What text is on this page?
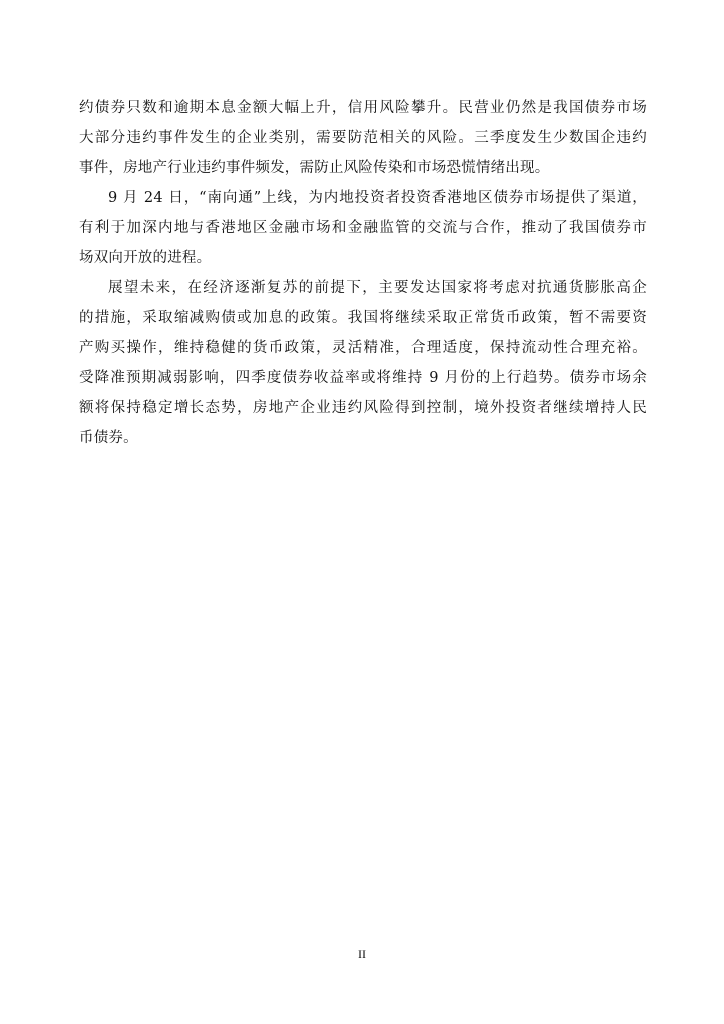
约债券只数和逾期本息金额大幅上升，信用风险攀升。民营业仍然是我国债券市场
大部分违约事件发生的企业类别，需要防范相关的风险。三季度发生少数国企违约
事件，房地产行业违约事件频发，需防止风险传染和市场恐慌情绪出现。
9 月 24 日，“南向通”上线，为内地投资者投资香港地区债券市场提供了渠道，
有利于加深内地与香港地区金融市场和金融监管的交流与合作，推动了我国债券市
场双向开放的进程。
展望未来，在经济逐渐复苏的前提下，主要发达国家将考虑对抗通货膨胀高企
的措施，采取缩减购债或加息的政策。我国将继续采取正常货币政策，暂不需要资
产购买操作，维持稳健的货币政策，灵活精准，合理适度，保持流动性合理充裕。
受降准预期减弱影响，四季度债券收益率或将维持 9 月份的上行趋势。债券市场余
额将保持稳定增长态势，房地产企业违约风险得到控制，境外投资者继续增持人民
币债券。
II
